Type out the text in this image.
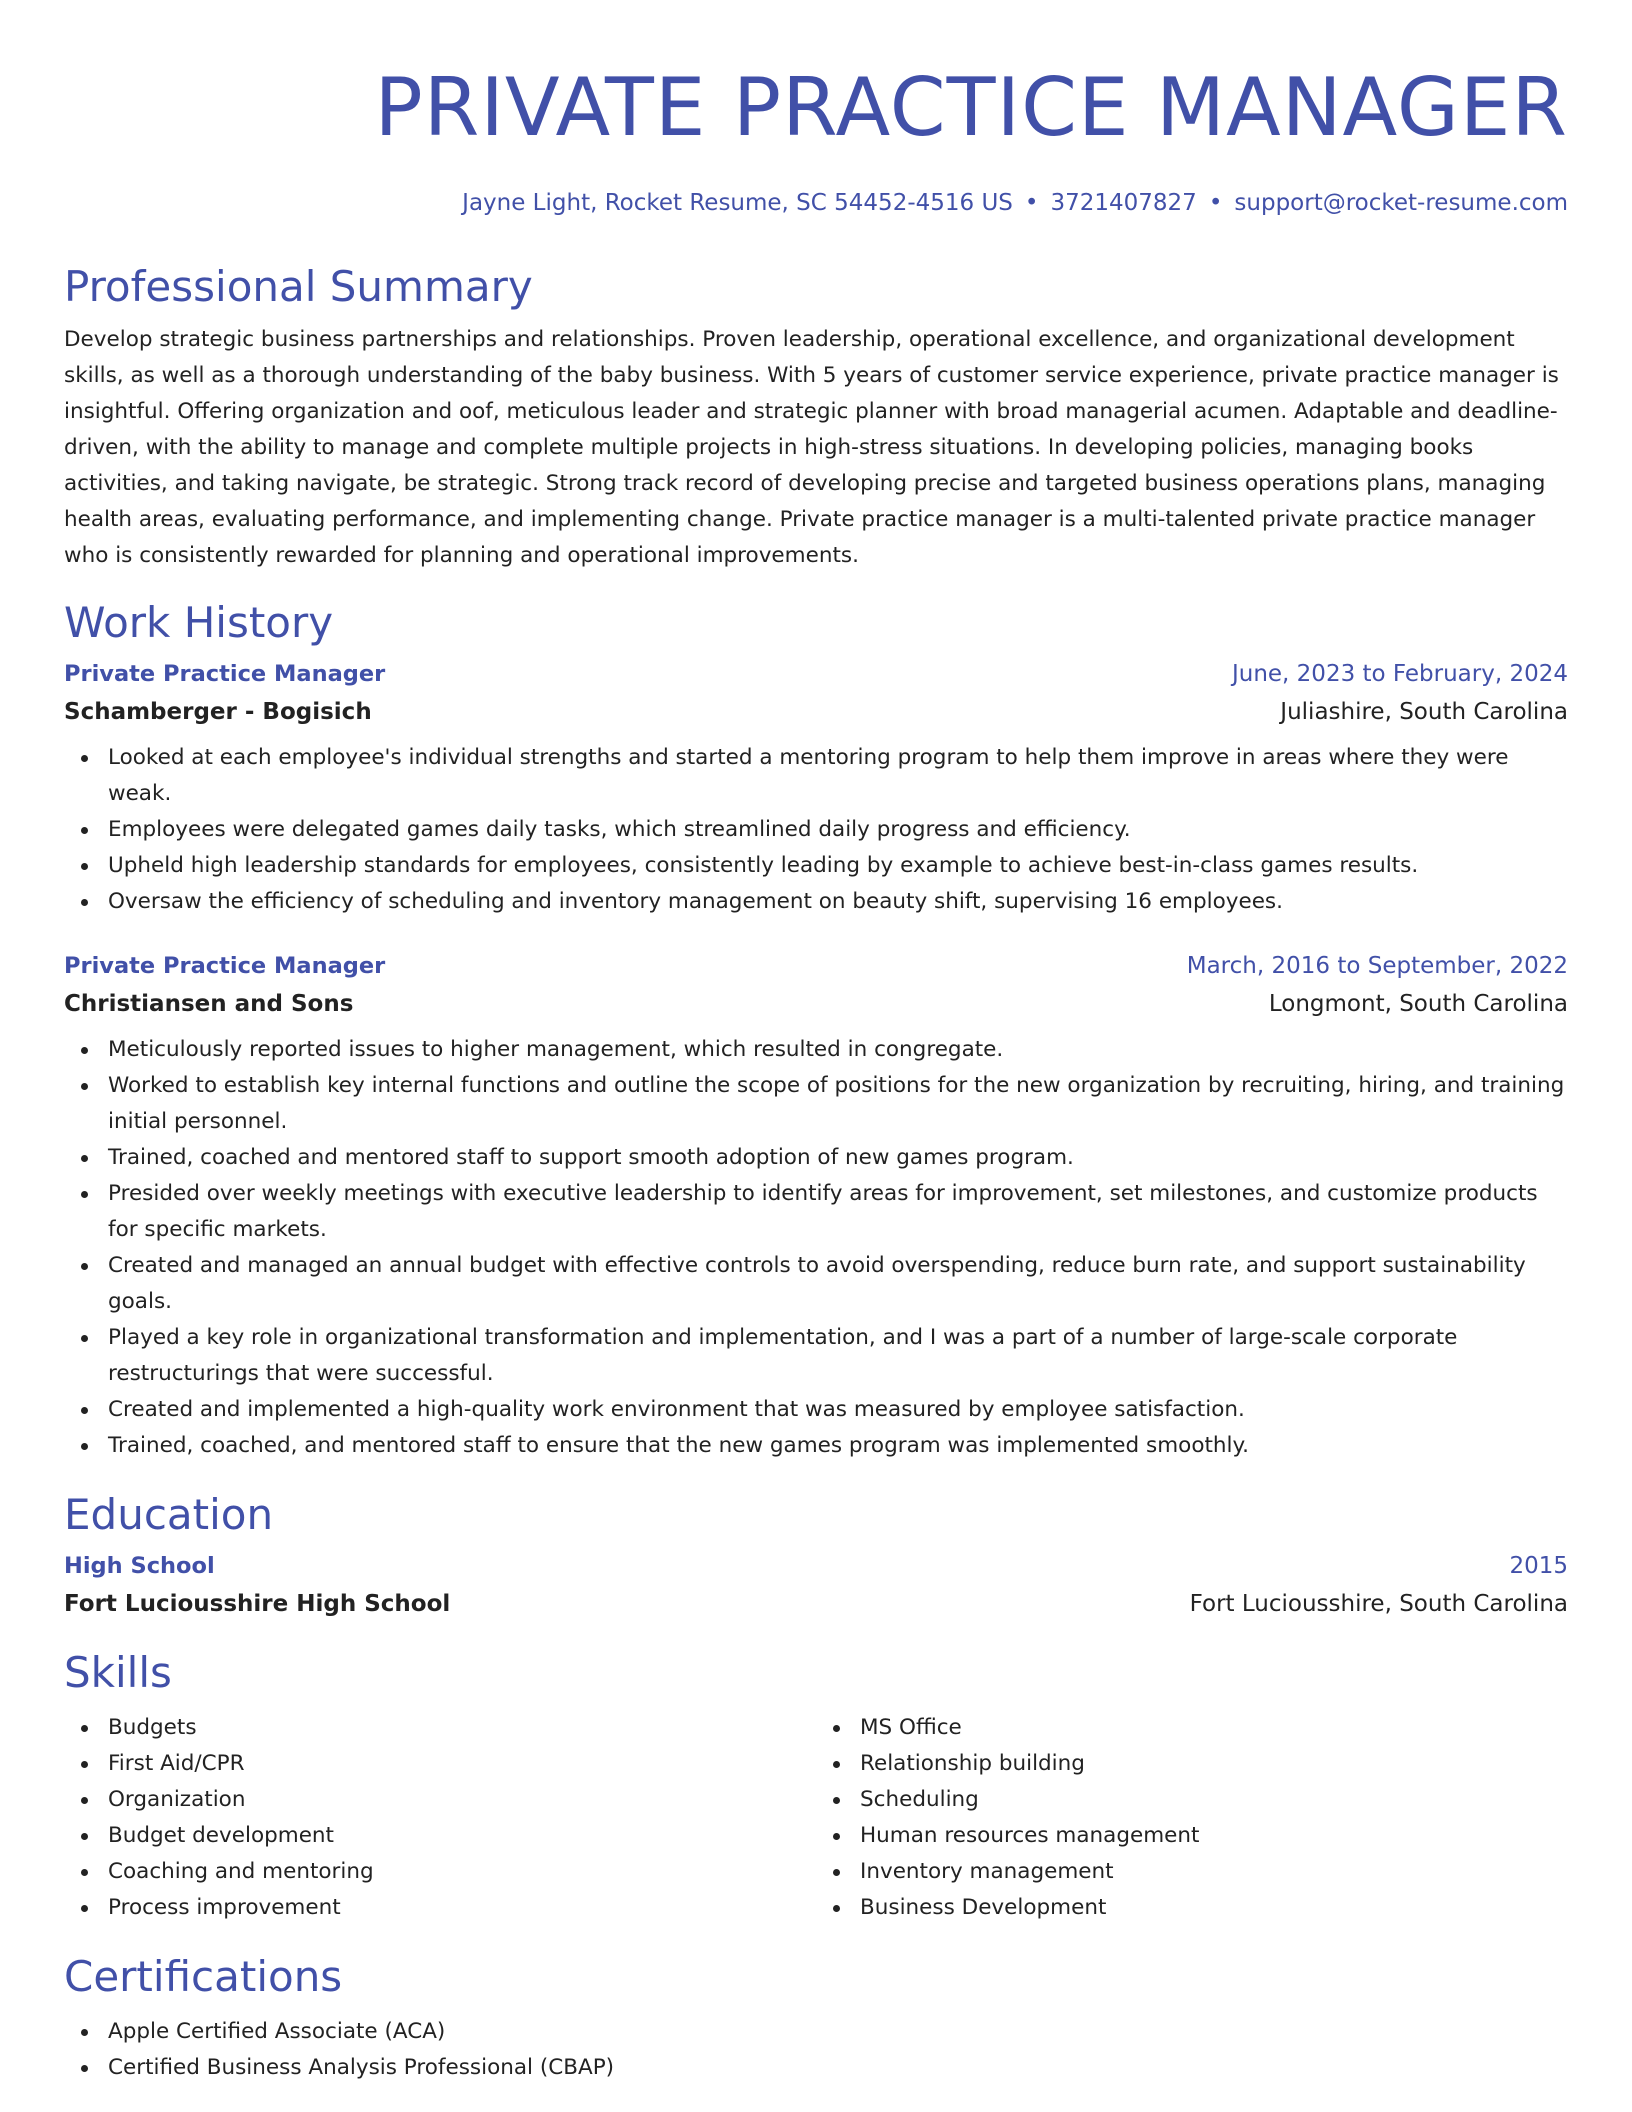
PRIVATE PRACTICE MANAGER
Jayne Light, Rocket Resume, SC 54452-4516 US • 3721407827 • support@rocket-resume.com
Professional Summary
Develop strategic business partnerships and relationships. Proven leadership, operational excellence, and organizational development skills, as well as a thorough understanding of the baby business. With 5 years of customer service experience, private practice manager is insightful. Offering organization and oof, meticulous leader and strategic planner with broad managerial acumen. Adaptable and deadline-driven, with the ability to manage and complete multiple projects in high-stress situations. In developing policies, managing books activities, and taking navigate, be strategic. Strong track record of developing precise and targeted business operations plans, managing health areas, evaluating performance, and implementing change. Private practice manager is a multi-talented private practice manager who is consistently rewarded for planning and operational improvements.
Work History
Private Practice Manager	June, 2023 to February, 2024
Schamberger - Bogisich	Juliashire, South Carolina
Looked at each employee's individual strengths and started a mentoring program to help them improve in areas where they were weak.
Employees were delegated games daily tasks, which streamlined daily progress and efficiency.
Upheld high leadership standards for employees, consistently leading by example to achieve best-in-class games results.
Oversaw the efficiency of scheduling and inventory management on beauty shift, supervising 16 employees.
Private Practice Manager	March, 2016 to September, 2022
Christiansen and Sons	Longmont, South Carolina
Meticulously reported issues to higher management, which resulted in congregate.
Worked to establish key internal functions and outline the scope of positions for the new organization by recruiting, hiring, and training initial personnel.
Trained, coached and mentored staff to support smooth adoption of new games program.
Presided over weekly meetings with executive leadership to identify areas for improvement, set milestones, and customize products for specific markets.
Created and managed an annual budget with effective controls to avoid overspending, reduce burn rate, and support sustainability goals.
Played a key role in organizational transformation and implementation, and I was a part of a number of large-scale corporate restructurings that were successful.
Created and implemented a high-quality work environment that was measured by employee satisfaction.
Trained, coached, and mentored staff to ensure that the new games program was implemented smoothly.
Education
High School	2015
Fort Luciousshire High School	Fort Luciousshire, South Carolina
Skills
Budgets
First Aid/CPR
Organization
Budget development
Coaching and mentoring
Process improvement
MS Office
Relationship building
Scheduling
Human resources management
Inventory management
Business Development
Certifications
Apple Certified Associate (ACA)
Certified Business Analysis Professional (CBAP)
